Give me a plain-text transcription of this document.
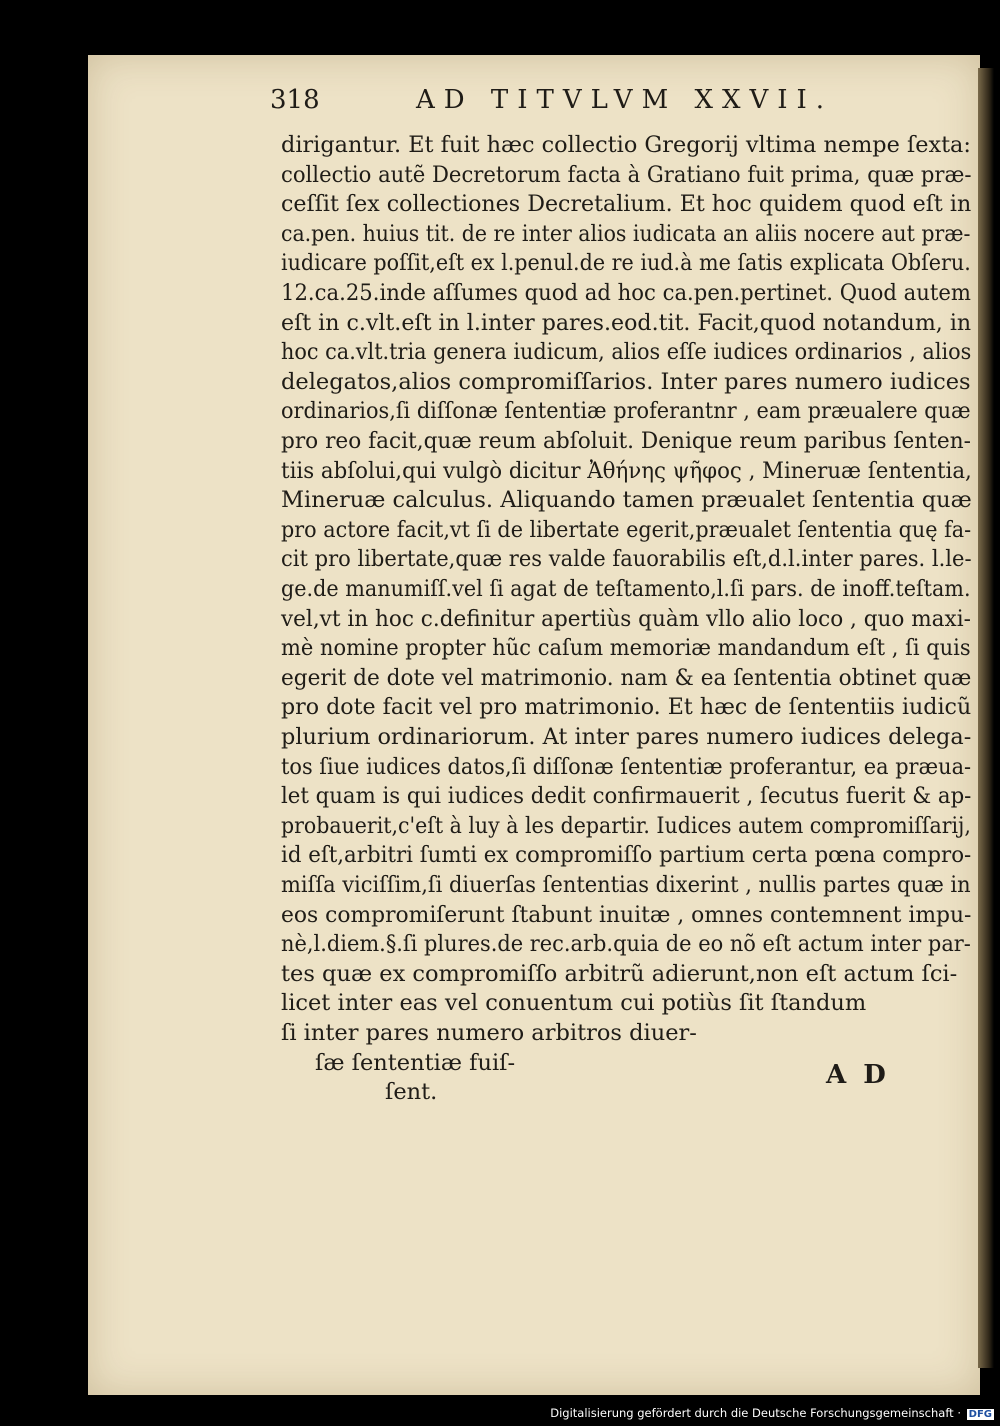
318	AD TITVLVM XXVII.
dirigantur. Et fuit hæc collectio Gregorij vltima nempe ſexta:
collectio autẽ Decretorum facta à Gratiano fuit prima, quæ præ-
ceſſit ſex collectiones Decretalium. Et hoc quidem quod eſt in
ca.pen. huius tit. de re inter alios iudicata an aliis nocere aut præ-
iudicare poſſit,eſt ex l.penul.de re iud.à me ſatis explicata Obſeru.
12.ca.25.inde aſſumes quod ad hoc ca.pen.pertinet. Quod autem
eſt in c.vlt.eſt in l.inter pares.eod.tit. Facit,quod notandum, in
hoc ca.vlt.tria genera iudicum, alios eſſe iudices ordinarios , alios
delegatos,alios compromiſſarios. Inter pares numero iudices
ordinarios,ſi diſſonæ ſententiæ proferantnr , eam præualere quæ
pro reo facit,quæ reum abſoluit. Denique reum paribus ſenten-
tiis abſolui,qui vulgò dicitur Ἀθήνης ψῆφος , Mineruæ ſententia,
Mineruæ calculus. Aliquando tamen præualet ſententia quæ
pro actore facit,vt ſi de libertate egerit,præualet ſententia quę fa-
cit pro libertate,quæ res valde fauorabilis eſt,d.l.inter pares. l.le-
ge.de manumiſſ.vel ſi agat de teſtamento,l.ſi pars. de inoff.teſtam.
vel,vt in hoc c.definitur apertiùs quàm vllo alio loco , quo maxi-
mè nomine propter hũc caſum memoriæ mandandum eſt , ſi quis
egerit de dote vel matrimonio. nam & ea ſententia obtinet quæ
pro dote facit vel pro matrimonio. Et hæc de ſententiis iudicũ
plurium ordinariorum. At inter pares numero iudices delega-
tos ſiue iudices datos,ſi diſſonæ ſententiæ proferantur, ea præua-
let quam is qui iudices dedit confirmauerit , ſecutus fuerit & ap-
probauerit,c'eſt à luy à les departir. Iudices autem compromiſſarij,
id eſt,arbitri ſumti ex compromiſſo partium certa pœna compro-
miſſa viciſſim,ſi diuerſas ſententias dixerint , nullis partes quæ in
eos compromiſerunt ſtabunt inuitæ , omnes contemnent impu-
nè,l.diem.§.ſi plures.de rec.arb.quia de eo nõ eſt actum inter par-
tes quæ ex compromiſſo arbitrũ adierunt,non eſt actum ſci-
licet inter eas vel conuentum cui potiùs ſit ſtandum
ſi inter pares numero arbitros diuer-
ſæ ſententiæ fuiſ-
ſent.
A D
Digitalisierung gefördert durch die Deutsche Forschungsgemeinschaft · DFG
